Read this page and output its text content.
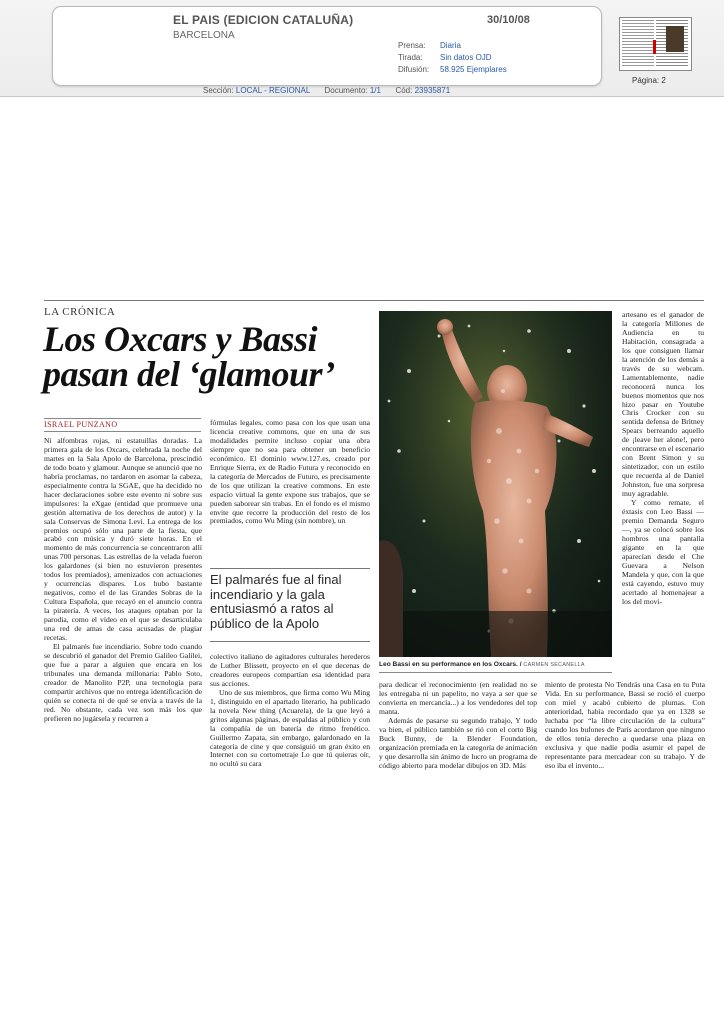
EL PAIS (EDICION CATALUÑA)
BARCELONA
30/10/08
Prensa: Diaria
Tirada: Sin datos OJD
Difusión: 58.925 Ejemplares
Página: 2
Sección: LOCAL - REGIONAL Documento: 1/1 Cód: 23935871
LA CRÓNICA
Los Oxcars y Bassi pasan del ‘glamour’
ISRAEL PUNZANO

Ni alfombras rojas, ni estatuillas doradas. La primera gala de los Oxcars, celebrada la noche del martes en la Sala Apolo de Barcelona, prescindió de todo boato y glamour. Aunque se anunció que no habría proclamas, no tardaron en asomar la cabeza, especialmente contra la SGAE, que ha decidido no hacer declaraciones sobre este evento ni sobre sus impulsores: la eXgae (entidad que promueve una gestión alternativa de los derechos de autor) y la sala Conservas de Simona Levi. La entrega de los premios ocupó sólo una parte de la fiesta, que acabó con música y duró siete horas. En el momento de más concurrencia se concentraron allí unas 700 personas. Las estrellas de la velada fueron los galardones (si bien no estuvieron presentes todos los premiados), amenizados con actuaciones y ocurrencias dispares. Los hubo bastante negativos, como el de las Grandes Sobras de la Cultura Española, que recayó en el anuncio contra la piratería. A veces, los ataques optaban por la parodia, como el vídeo en el que se desarticulaba una red de amas de casa acusadas de plagiar recetas.

El palmarés fue incendiario. Sobre todo cuando se descubrió el ganador del Premio Galileo Galilei, que fue a parar a alguien que encara en los tribunales una demanda millonaria: Pablo Soto, creador de Manolito P2P, una tecnología para compartir archivos que no entrega identificación de quién se conecta ni de qué se envía a través de la red. No obstante, cada vez son más los que prefieren no jugársela y recurren a

fórmulas legales, como pasa con los que usan una licencia creative commons, que en una de sus modalidades permite incluso copiar una obra siempre que no sea para obtener un beneficio económico. El dominio www.127.es, creado por Enrique Sierra, ex de Radio Futura y reconocido en la categoría de Mercados de Futuro, es precisamente de los que utilizan la creative commons. En este espacio virtual la gente expone sus trabajos, que se pueden saborear sin trabas. En el fondo es el mismo envite que recorre la producción del resto de los premiados, como Wu Ming (sin nombre), un

El palmarés fue al final incendiario y la gala entusiasmó a ratos al público de la Apolo

colectivo italiano de agitadores culturales herederos de Luther Blissett, proyecto en el que decenas de creadores europeos compartían esa identidad para sus acciones.

Uno de sus miembros, que firma como Wu Ming 1, distinguido en el apartado literario, ha publicado la novela New thing (Acuarela), de la que leyó a gritos algunas páginas, de espaldas al público y con la compañía de un batería de ritmo frenético. Guillermo Zapata, sin embargo, galardonado en la categoría de cine y que consiguió un gran éxito en Internet con su cortometraje Lo que tú quieras oír, no ocultó su cara

Leo Bassi en su performance en los Oxcars. / CARMEN SECANELLA

para dedicar el reconocimiento (en realidad no se les entregaba ni un papelito, no vaya a ser que se convierta en mercancía...) a los vendedores del top manta.

Además de pasarse su segundo trabajo, Y todo va bien, el público también se rió con el corto Big Buck Bunny, de la Blender Foundation, organización premiada en la categoría de animación y que desarrolla sin ánimo de lucro un programa de código abierto para modelar dibujos en 3D. Más

artesano es el ganador de la categoría Millones de Audiencia en tu Habitación, consagrada a los que consiguen llamar la atención de los demás a través de su webcam. Lamentablemente, nadie reconocerá nunca los buenos momentos que nos hizo pasar en Youtube Chris Crocker con su sentida defensa de Britney Spears berreando aquello de ¡leave her alone!, pero encontrarse en el escenario con Brent Simon y su sintetizador, con un estilo que recuerda al de Daniel Johnston, fue una sorpresa muy agradable.

Y como remate, el éxtasis con Leo Bassi —premio Demanda Seguro—, ya se colocó sobre los hombros una pantalla gigante en la que aparecían desde el Che Guevara a Nelson Mandela y que, con la que está cayendo, estuvo muy acertado al homenajear a los del movi-

miento de protesta No Tendrás una Casa en tu Puta Vida. En su performance, Bassi se roció el cuerpo con miel y acabó cubierto de plumas. Con anterioridad, había recordado que ya en 1328 se luchaba por “la libre circulación de la cultura” cuando los bufones de París acordaron que ninguno de ellos tenía derecho a quedarse una plaza en exclusiva y que nadie podía asumir el papel de representante para mercadear con su trabajo. Y de eso iba el invento...
